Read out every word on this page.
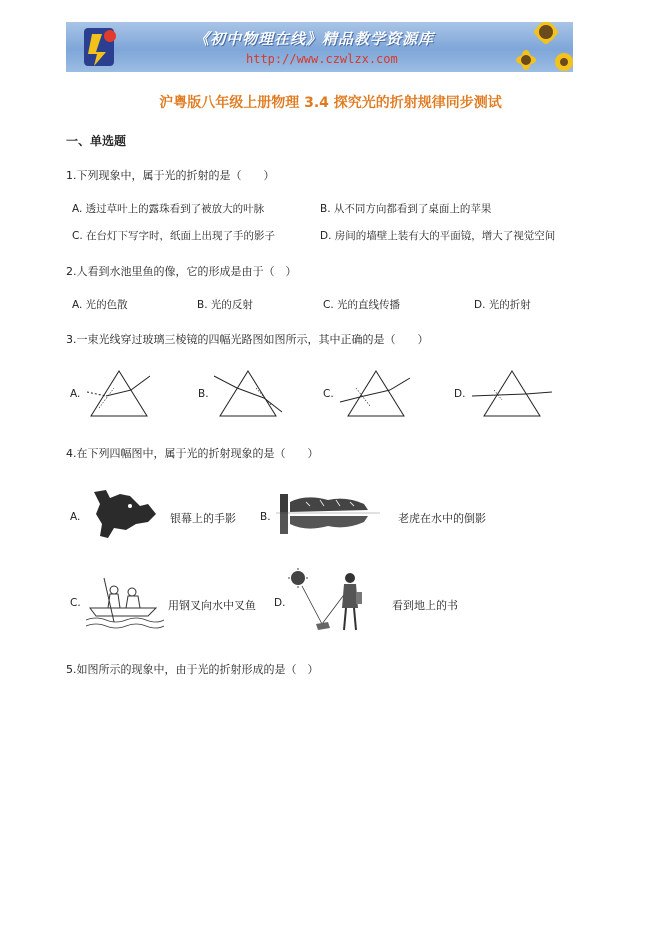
《初中物理在线》精品教学资源库
http://www.czwlzx.com
沪粤版八年级上册物理 3.4 探究光的折射规律同步测试
一、单选题
1.下列现象中，属于光的折射的是（　　）
A. 透过草叶上的露珠看到了被放大的叶脉	B. 从不同方向都看到了桌面上的苹果
C. 在台灯下写字时，纸面上出现了手的影子	D. 房间的墙壁上装有大的平面镜，增大了视觉空间
2.人看到水池里鱼的像，它的形成是由于（　）
A. 光的色散	B. 光的反射	C. 光的直线传播	D. 光的折射
3.一束光线穿过玻璃三棱镜的四幅光路图如图所示，其中正确的是（　　）
A.	B.	C.	D.
4.在下列四幅图中，属于光的折射现象的是（　　）
A.	银幕上的手影 B.	老虎在水中的倒影
C.	用钢叉向水中叉鱼 D.	看到地上的书
5.如图所示的现象中，由于光的折射形成的是（　）
